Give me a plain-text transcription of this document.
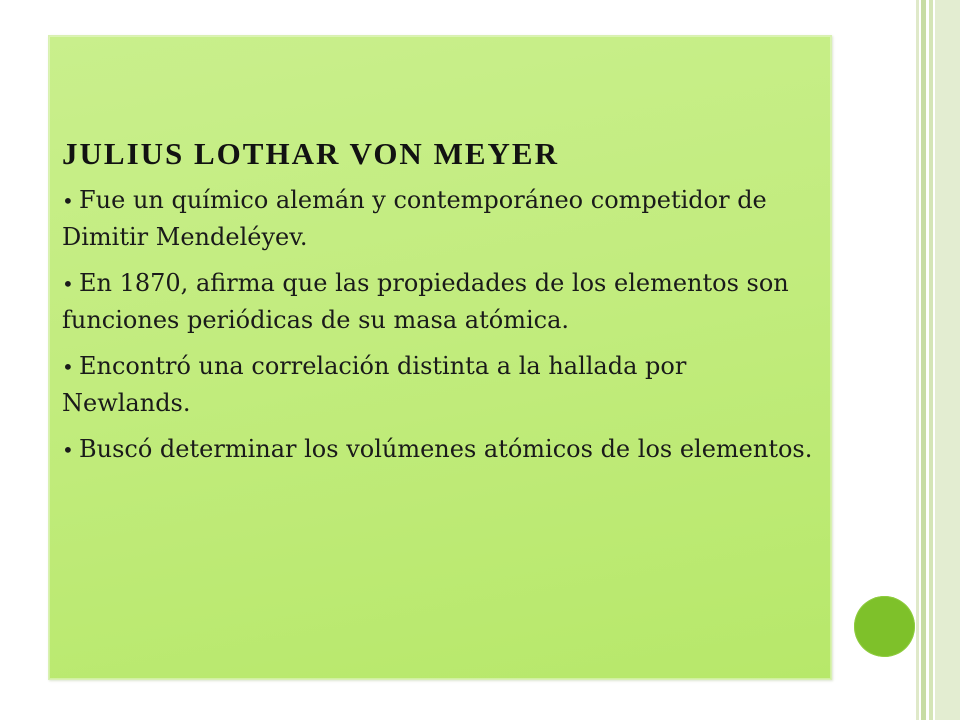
JULIUS LOTHAR VON MEYER
• Fue un químico alemán y contemporáneo competidor de Dimitir Mendeléyev.
• En 1870, afirma que las propiedades de los elementos son funciones periódicas de su masa atómica.
• Encontró una correlación distinta a la hallada por Newlands.
• Buscó determinar los volúmenes atómicos de los elementos.
